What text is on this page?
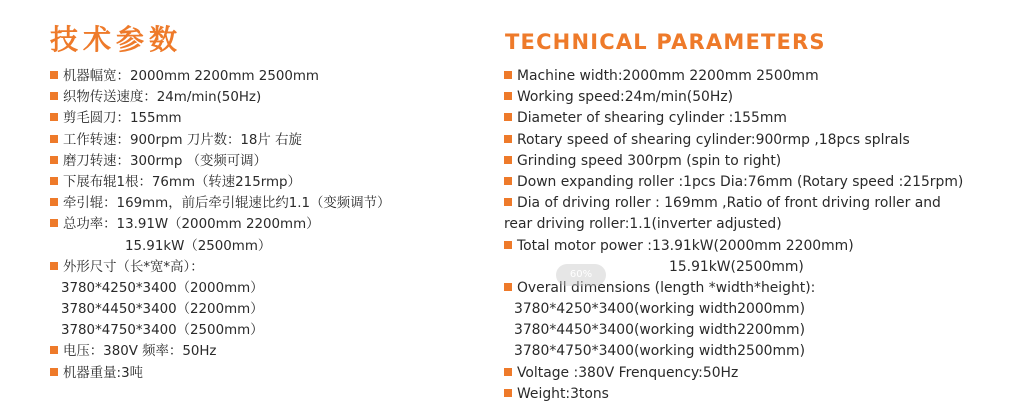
技术参数	TECHNICAL PARAMETERS
机器幅宽：2000mm 2200mm 2500mm
织物传送速度：24m/min(50Hz)
剪毛圆刀：155mm
工作转速：900rpm 刀片数：18片 右旋
磨刀转速：300rmp （变频可调）
下展布辊1根：76mm（转速215rmp）
牵引辊：169mm，前后牵引辊速比约1.1（变频调节）
总功率：13.91W（2000mm 2200mm）
15.91kW（2500mm）
外形尺寸（长*宽*高）：
3780*4250*3400（2000mm）
3780*4450*3400（2200mm）
3780*4750*3400（2500mm）
电压：380V 频率：50Hz
机器重量:3吨
Machine width:2000mm 2200mm 2500mm
Working speed:24m/min(50Hz)
Diameter of shearing cylinder :155mm
Rotary speed of shearing cylinder:900rmp ,18pcs splrals
Grinding speed 300rpm (spin to right)
Down expanding roller :1pcs Dia:76mm (Rotary speed :215rpm)
Dia of driving roller : 169mm ,Ratio of front driving roller and
rear driving roller:1.1(inverter adjusted)
Total motor power :13.91kW(2000mm 2200mm)
15.91kW(2500mm)
Overall dimensions (length *width*height):
3780*4250*3400(working width2000mm)
3780*4450*3400(working width2200mm)
3780*4750*3400(working width2500mm)
Voltage :380V Frenquency:50Hz
Weight:3tons
60%
